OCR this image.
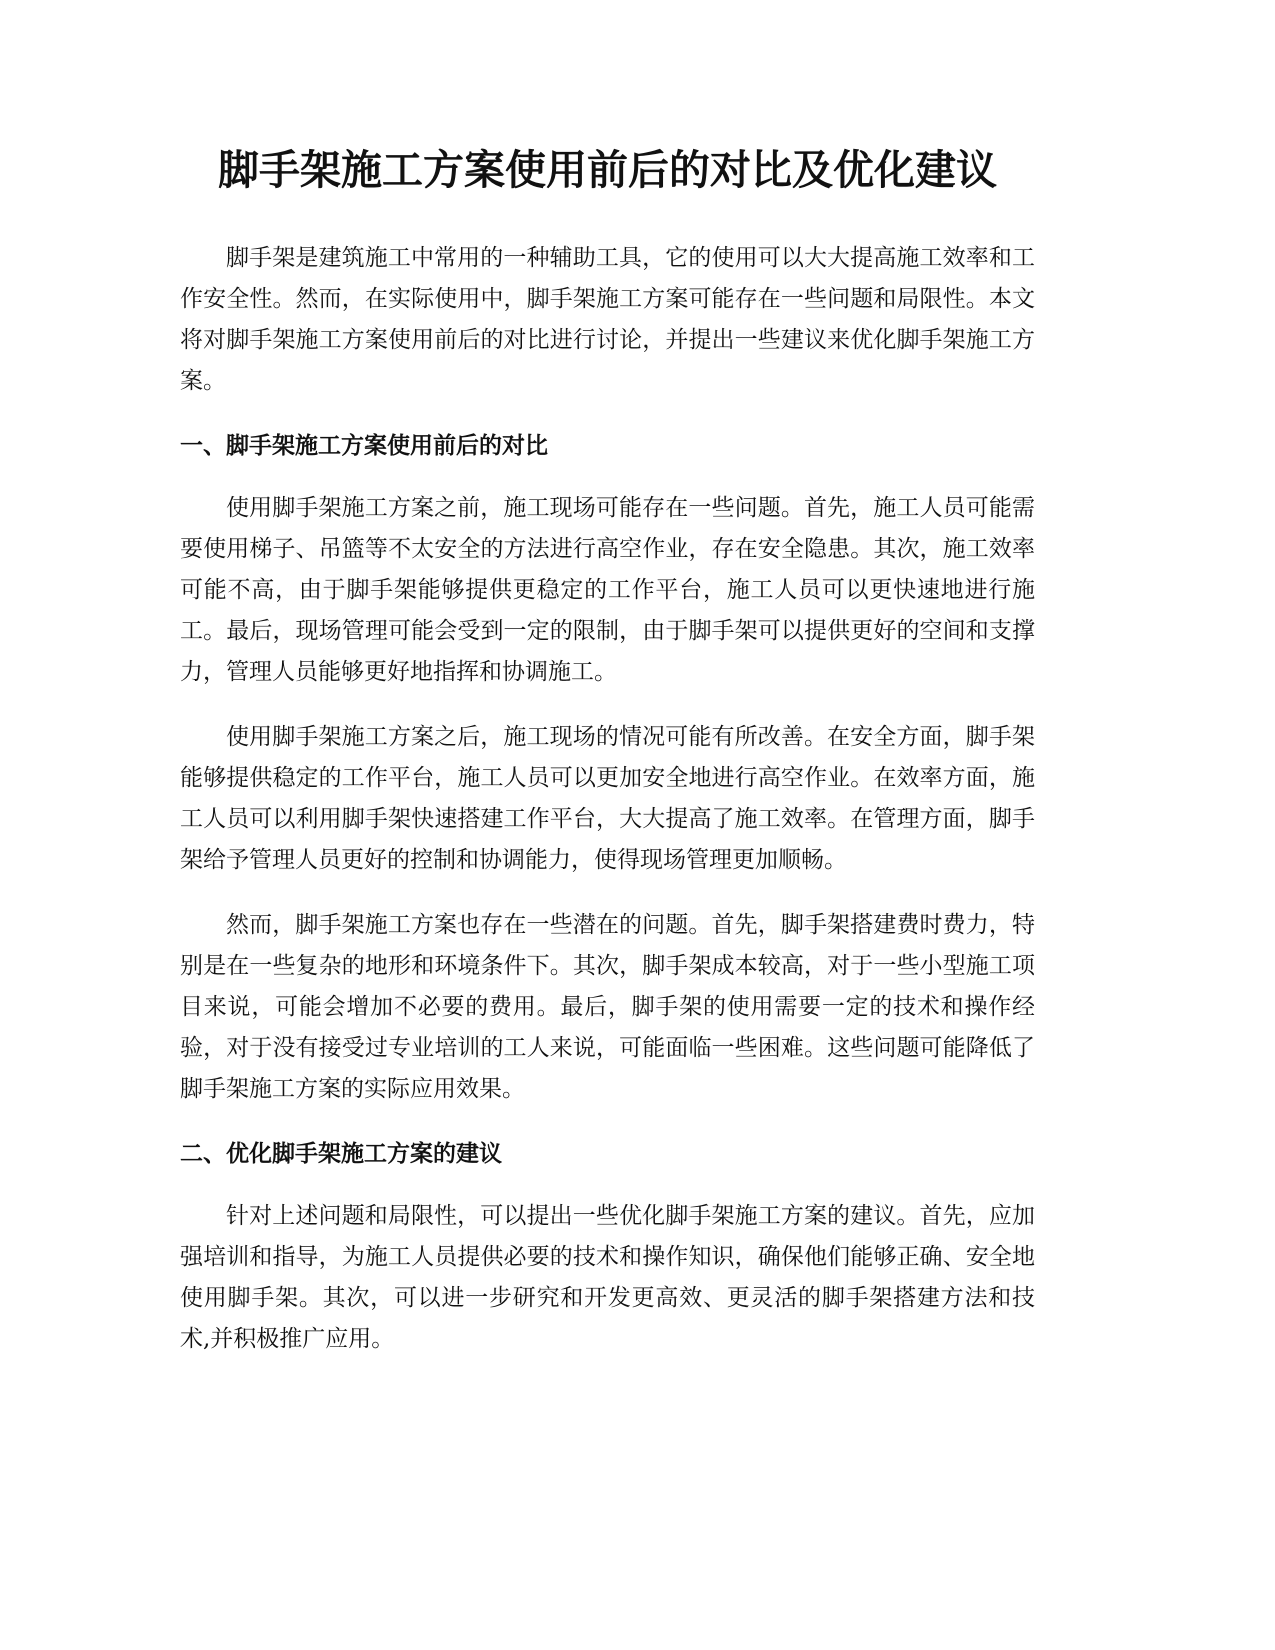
脚手架施工方案使用前后的对比及优化建议

脚手架是建筑施工中常用的一种辅助工具，它的使用可以大大提高施工效率和工作安全性。然而，在实际使用中，脚手架施工方案可能存在一些问题和局限性。本文将对脚手架施工方案使用前后的对比进行讨论，并提出一些建议来优化脚手架施工方案。

一、脚手架施工方案使用前后的对比

使用脚手架施工方案之前，施工现场可能存在一些问题。首先，施工人员可能需要使用梯子、吊篮等不太安全的方法进行高空作业，存在安全隐患。其次，施工效率可能不高，由于脚手架能够提供更稳定的工作平台，施工人员可以更快速地进行施工。最后，现场管理可能会受到一定的限制，由于脚手架可以提供更好的空间和支撑力，管理人员能够更好地指挥和协调施工。

使用脚手架施工方案之后，施工现场的情况可能有所改善。在安全方面，脚手架能够提供稳定的工作平台，施工人员可以更加安全地进行高空作业。在效率方面，施工人员可以利用脚手架快速搭建工作平台，大大提高了施工效率。在管理方面，脚手架给予管理人员更好的控制和协调能力，使得现场管理更加顺畅。

然而，脚手架施工方案也存在一些潜在的问题。首先，脚手架搭建费时费力，特别是在一些复杂的地形和环境条件下。其次，脚手架成本较高，对于一些小型施工项目来说，可能会增加不必要的费用。最后，脚手架的使用需要一定的技术和操作经验，对于没有接受过专业培训的工人来说，可能面临一些困难。这些问题可能降低了脚手架施工方案的实际应用效果。

二、优化脚手架施工方案的建议

针对上述问题和局限性，可以提出一些优化脚手架施工方案的建议。首先，应加强培训和指导，为施工人员提供必要的技术和操作知识，确保他们能够正确、安全地使用脚手架。其次，可以进一步研究和开发更高效、更灵活的脚手架搭建方法和技术,并积极推广应用。
